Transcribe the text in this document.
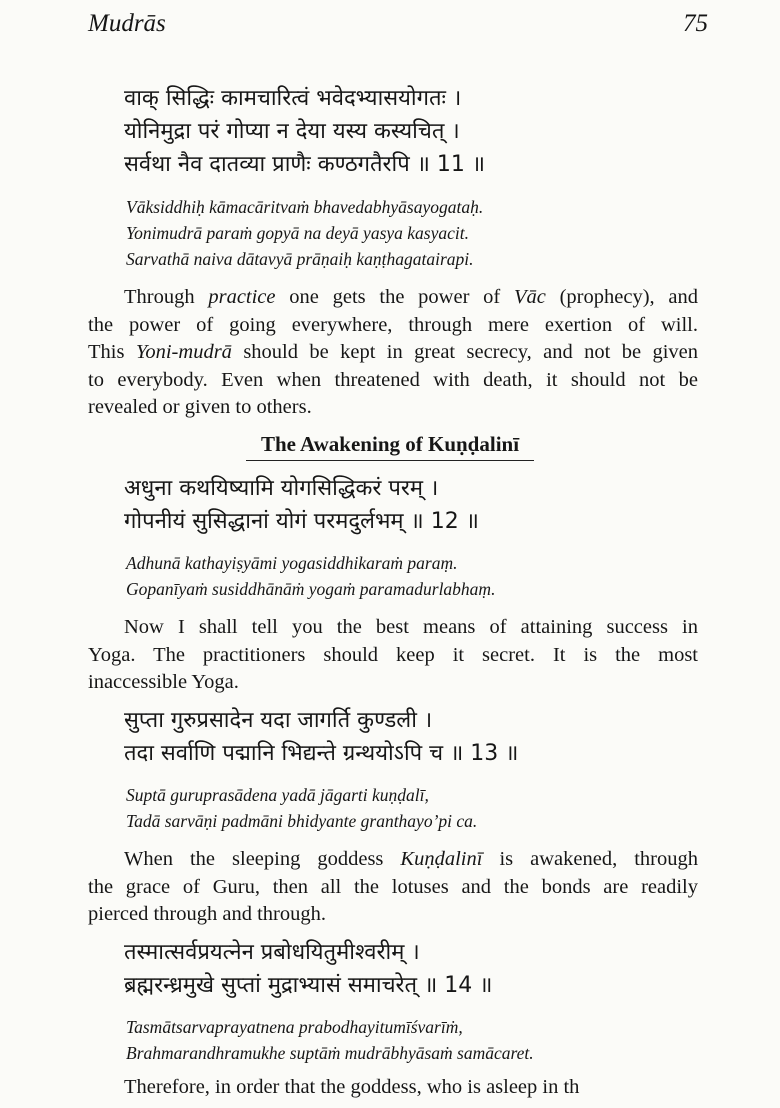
Mudrās	75
वाक् सिद्धिः कामचारित्वं भवेदभ्यासयोगतः ।
योनिमुद्रा परं गोप्या न देया यस्य कस्यचित् ।
सर्वथा नैव दातव्या प्राणैः कण्ठगतैरपि ॥ 11 ॥
Vāksiddhiḥ kāmacāritvaṁ bhavedabhyāsayogataḥ.
Yonimudrā paraṁ gopyā na deyā yasya kasyacit.
Sarvathā naiva dātavyā prāṇaiḥ kaṇṭhagatairapi.
Through practice one gets the power of Vāc (prophecy), and
the power of going everywhere, through mere exertion of will.
This Yoni-mudrā should be kept in great secrecy, and not be given
to everybody. Even when threatened with death, it should not be
revealed or given to others.
The Awakening of Kuṇḍalinī
अधुना कथयिष्यामि योगसिद्धिकरं परम् ।
गोपनीयं सुसिद्धानां योगं परमदुर्लभम् ॥ 12 ॥
Adhunā kathayiṣyāmi yogasiddhikaraṁ paraṃ.
Gopanīyaṁ susiddhānāṁ yogaṁ paramadurlabhaṃ.
Now I shall tell you the best means of attaining success in
Yoga. The practitioners should keep it secret. It is the most
inaccessible Yoga.
सुप्ता गुरुप्रसादेन यदा जागर्ति कुण्डली ।
तदा सर्वाणि पद्मानि भिद्यन्ते ग्रन्थयोऽपि च ॥ 13 ॥
Suptā guruprasādena yadā jāgarti kuṇḍalī,
Tadā sarvāṇi padmāni bhidyante granthayo’pi ca.
When the sleeping goddess Kuṇḍalinī is awakened, through
the grace of Guru, then all the lotuses and the bonds are readily
pierced through and through.
तस्मात्सर्वप्रयत्नेन प्रबोधयितुमीश्वरीम् ।
ब्रह्मरन्ध्रमुखे सुप्तां मुद्राभ्यासं समाचरेत् ॥ 14 ॥
Tasmātsarvaprayatnena prabodhayitumīśvarīṁ,
Brahmarandhramukhe suptāṁ mudrābhyāsaṁ samācaret.
Therefore, in order that the goddess, who is asleep in th
